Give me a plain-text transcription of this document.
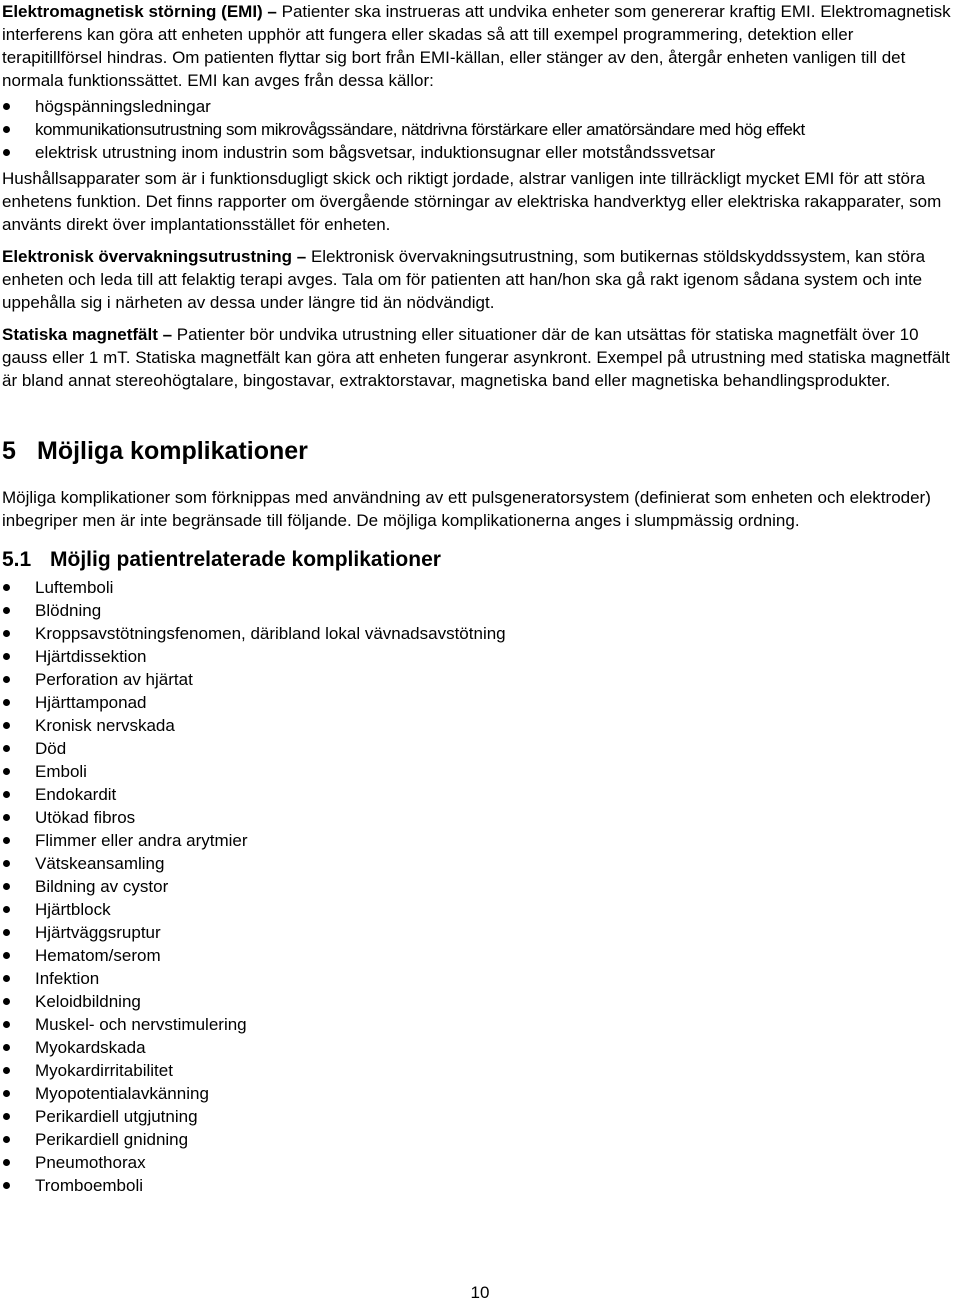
Elektromagnetisk störning (EMI) – Patienter ska instrueras att undvika enheter som genererar kraftig EMI. Elektromagnetisk interferens kan göra att enheten upphör att fungera eller skadas så att till exempel programmering, detektion eller terapitillförsel hindras. Om patienten flyttar sig bort från EMI-källan, eller stänger av den, återgår enheten vanligen till det normala funktionssättet. EMI kan avges från dessa källor:

högspänningsledningar
kommunikationsutrustning som mikrovågssändare, nätdrivna förstärkare eller amatörsändare med hög effekt
elektrisk utrustning inom industrin som bågsvetsar, induktionsugnar eller motståndssvetsar

Hushållsapparater som är i funktionsdugligt skick och riktigt jordade, alstrar vanligen inte tillräckligt mycket EMI för att störa enhetens funktion. Det finns rapporter om övergående störningar av elektriska handverktyg eller elektriska rakapparater, som använts direkt över implantationsstället för enheten.

Elektronisk övervakningsutrustning – Elektronisk övervakningsutrustning, som butikernas stöldskyddssystem, kan störa enheten och leda till att felaktig terapi avges. Tala om för patienten att han/hon ska gå rakt igenom sådana system och inte uppehålla sig i närheten av dessa under längre tid än nödvändigt.

Statiska magnetfält – Patienter bör undvika utrustning eller situationer där de kan utsättas för statiska magnetfält över 10 gauss eller 1 mT. Statiska magnetfält kan göra att enheten fungerar asynkront. Exempel på utrustning med statiska magnetfält är bland annat stereohögtalare, bingostavar, extraktorstavar, magnetiska band eller magnetiska behandlingsprodukter.

5 Möjliga komplikationer

Möjliga komplikationer som förknippas med användning av ett pulsgeneratorsystem (definierat som enheten och elektroder) inbegriper men är inte begränsade till följande. De möjliga komplikationerna anges i slumpmässig ordning.

5.1 Möjlig patientrelaterade komplikationer
Luftemboli
Blödning
Kroppsavstötningsfenomen, däribland lokal vävnadsavstötning
Hjärtdissektion
Perforation av hjärtat
Hjärttamponad
Kronisk nervskada
Död
Emboli
Endokardit
Utökad fibros
Flimmer eller andra arytmier
Vätskeansamling
Bildning av cystor
Hjärtblock
Hjärtväggsruptur
Hematom/serom
Infektion
Keloidbildning
Muskel- och nervstimulering
Myokardskada
Myokardirritabilitet
Myopotentialavkänning
Perikardiell utgjutning
Perikardiell gnidning
Pneumothorax
Tromboemboli
10
